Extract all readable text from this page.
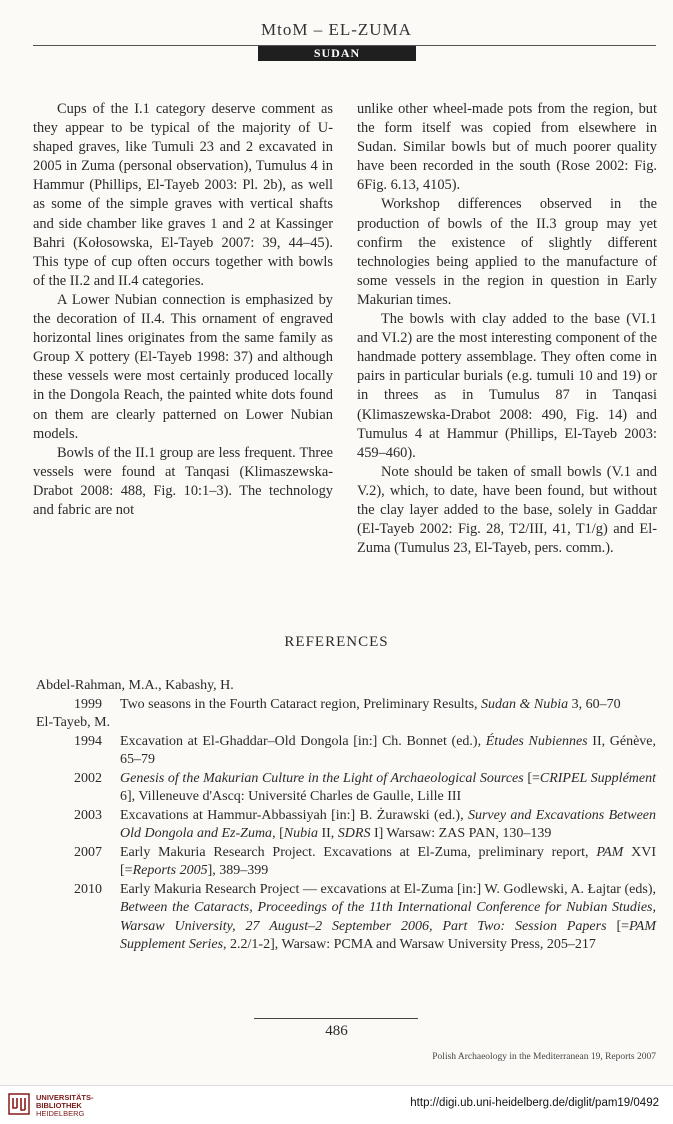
MtoM – EL-ZUMA
SUDAN

Cups of the I.1 category deserve comment as they appear to be typical of the majority of U-shaped graves, like Tumuli 23 and 2 excavated in 2005 in Zuma (personal observation), Tumulus 4 in Hammur (Phillips, El-Tayeb 2003: Pl. 2b), as well as some of the simple graves with vertical shafts and side chamber like graves 1 and 2 at Kassinger Bahri (Kołosowska, El-Tayeb 2007: 39, 44–45). This type of cup often occurs together with bowls of the II.2 and II.4 categories.

A Lower Nubian connection is emphasized by the decoration of II.4. This ornament of engraved horizontal lines originates from the same family as Group X pottery (El-Tayeb 1998: 37) and although these vessels were most certainly produced locally in the Dongola Reach, the painted white dots found on them are clearly patterned on Lower Nubian models.

Bowls of the II.1 group are less frequent. Three vessels were found at Tanqasi (Klimaszewska-Drabot 2008: 488, Fig. 10:1–3). The technology and fabric are not

unlike other wheel-made pots from the region, but the form itself was copied from elsewhere in Sudan. Similar bowls but of much poorer quality have been recorded in the south (Rose 2002: Fig. 6Fig. 6.13, 4105).

Workshop differences observed in the production of bowls of the II.3 group may yet confirm the existence of slightly different technologies being applied to the manufacture of some vessels in the region in question in Early Makurian times.

The bowls with clay added to the base (VI.1 and VI.2) are the most interesting component of the handmade pottery assemblage. They often come in pairs in particular burials (e.g. tumuli 10 and 19) or in threes as in Tumulus 87 in Tanqasi (Klimaszewska-Drabot 2008: 490, Fig. 14) and Tumulus 4 at Hammur (Phillips, El-Tayeb 2003: 459–460).

Note should be taken of small bowls (V.1 and V.2), which, to date, have been found, but without the clay layer added to the base, solely in Gaddar (El-Tayeb 2002: Fig. 28, T2/III, 41, T1/g) and El-Zuma (Tumulus 23, El-Tayeb, pers. comm.).

REFERENCES

Abdel-Rahman, M.A., Kabashy, H.

1999	Two seasons in the Fourth Cataract region, Preliminary Results, Sudan & Nubia 3, 60–70

El-Tayeb, M.

1994	Excavation at El-Ghaddar–Old Dongola [in:] Ch. Bonnet (ed.), Études Nubiennes II, Génève, 65–79
2002	Genesis of the Makurian Culture in the Light of Archaeological Sources [=CRIPEL Supplément 6], Villeneuve d'Ascq: Université Charles de Gaulle, Lille III
2003	Excavations at Hammur-Abbassiyah [in:] B. Żurawski (ed.), Survey and Excavations Between Old Dongola and Ez-Zuma, [Nubia II, SDRS I] Warsaw: ZAS PAN, 130–139
2007	Early Makuria Research Project. Excavations at El-Zuma, preliminary report, PAM XVI [=Reports 2005], 389–399
2010	Early Makuria Research Project — excavations at El-Zuma [in:] W. Godlewski, A. Łajtar (eds), Between the Cataracts, Proceedings of the 11th International Conference for Nubian Studies, Warsaw University, 27 August–2 September 2006, Part Two: Session Papers [=PAM Supplement Series, 2.2/1-2], Warsaw: PCMA and Warsaw University Press, 205–217
486
Polish Archaeology in the Mediterranean 19, Reports 2007
UNIVERSITÄTS-
BIBLIOTHEK
HEIDELBERG
http://digi.ub.uni-heidelberg.de/diglit/pam19/0492
